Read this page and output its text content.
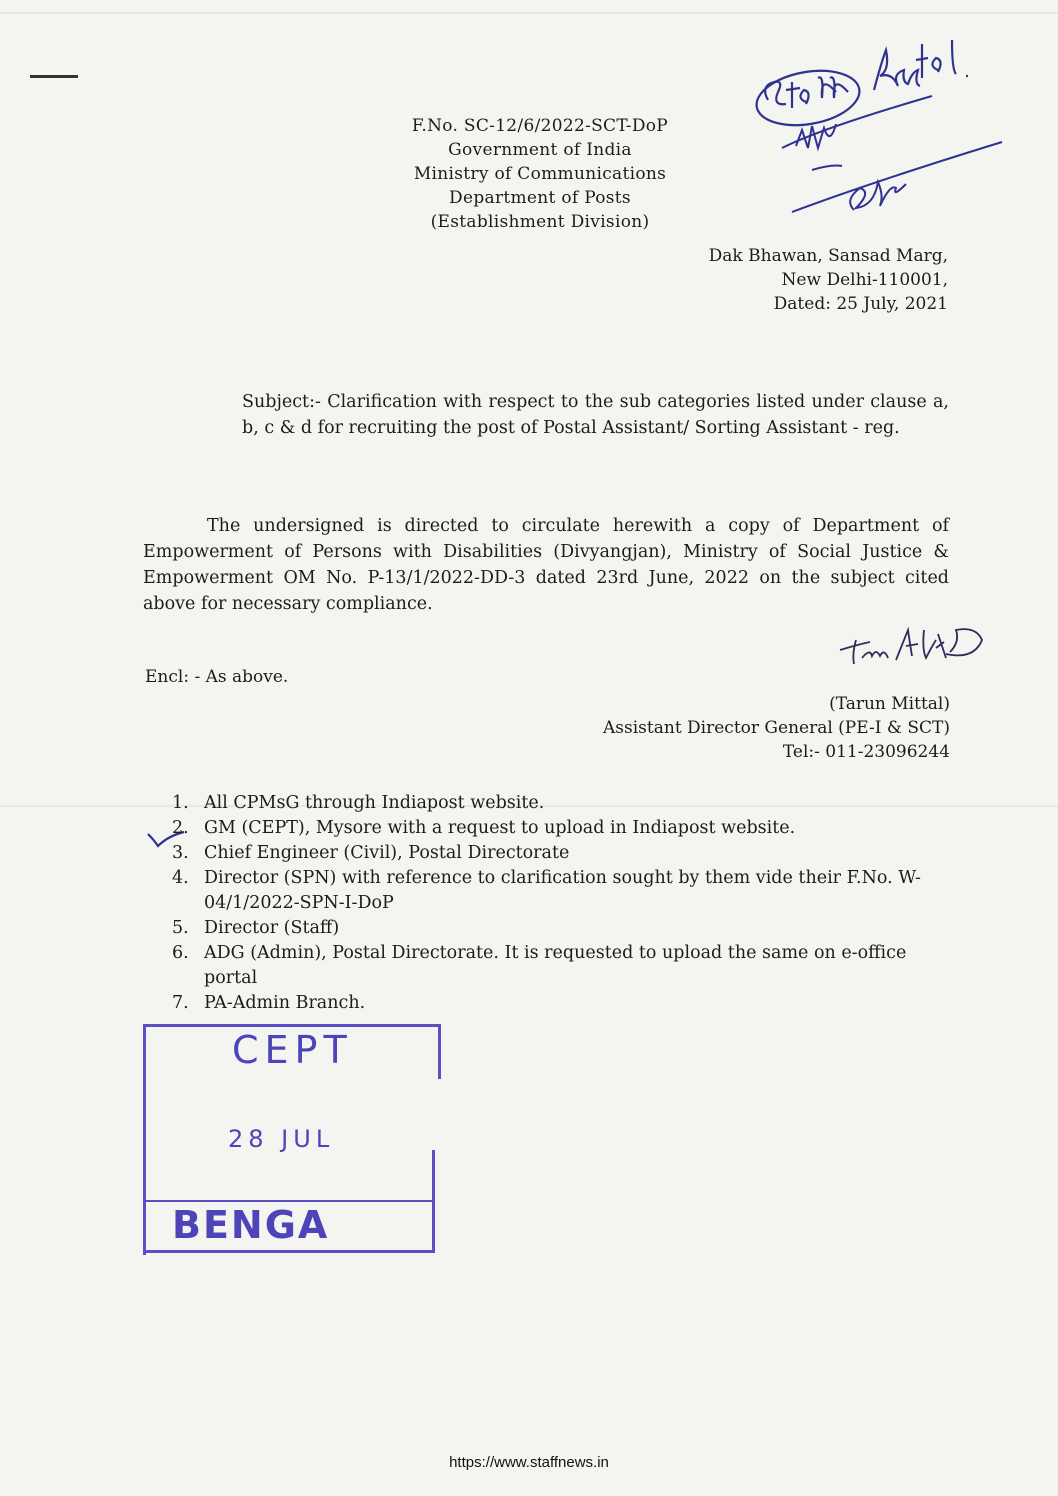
F.No. SC-12/6/2022-SCT-DoP
Government of India
Ministry of Communications
Department of Posts
(Establishment Division)
Dak Bhawan, Sansad Marg,
New Delhi-110001,
Dated: 25 July, 2021
Subject:- Clarification with respect to the sub categories listed under clause a, b, c & d for recruiting the post of Postal Assistant/ Sorting Assistant - reg.
The undersigned is directed to circulate herewith a copy of Department of Empowerment of Persons with Disabilities (Divyangjan), Ministry of Social Justice & Empowerment OM No. P-13/1/2022-DD-3 dated 23rd June, 2022 on the subject cited above for necessary compliance.
Encl: - As above.
(Tarun Mittal)
Assistant Director General (PE-I & SCT)
Tel:- 011-23096244
1. All CPMsG through Indiapost website.
2. GM (CEPT), Mysore with a request to upload in Indiapost website.
3. Chief Engineer (Civil), Postal Directorate
4. Director (SPN) with reference to clarification sought by them vide their F.No. W-04/1/2022-SPN-I-DoP
5. Director (Staff)
6. ADG (Admin), Postal Directorate. It is requested to upload the same on e-office portal
7. PA-Admin Branch.
CEPT
28 JUL
BENGA
https://www.staffnews.in
